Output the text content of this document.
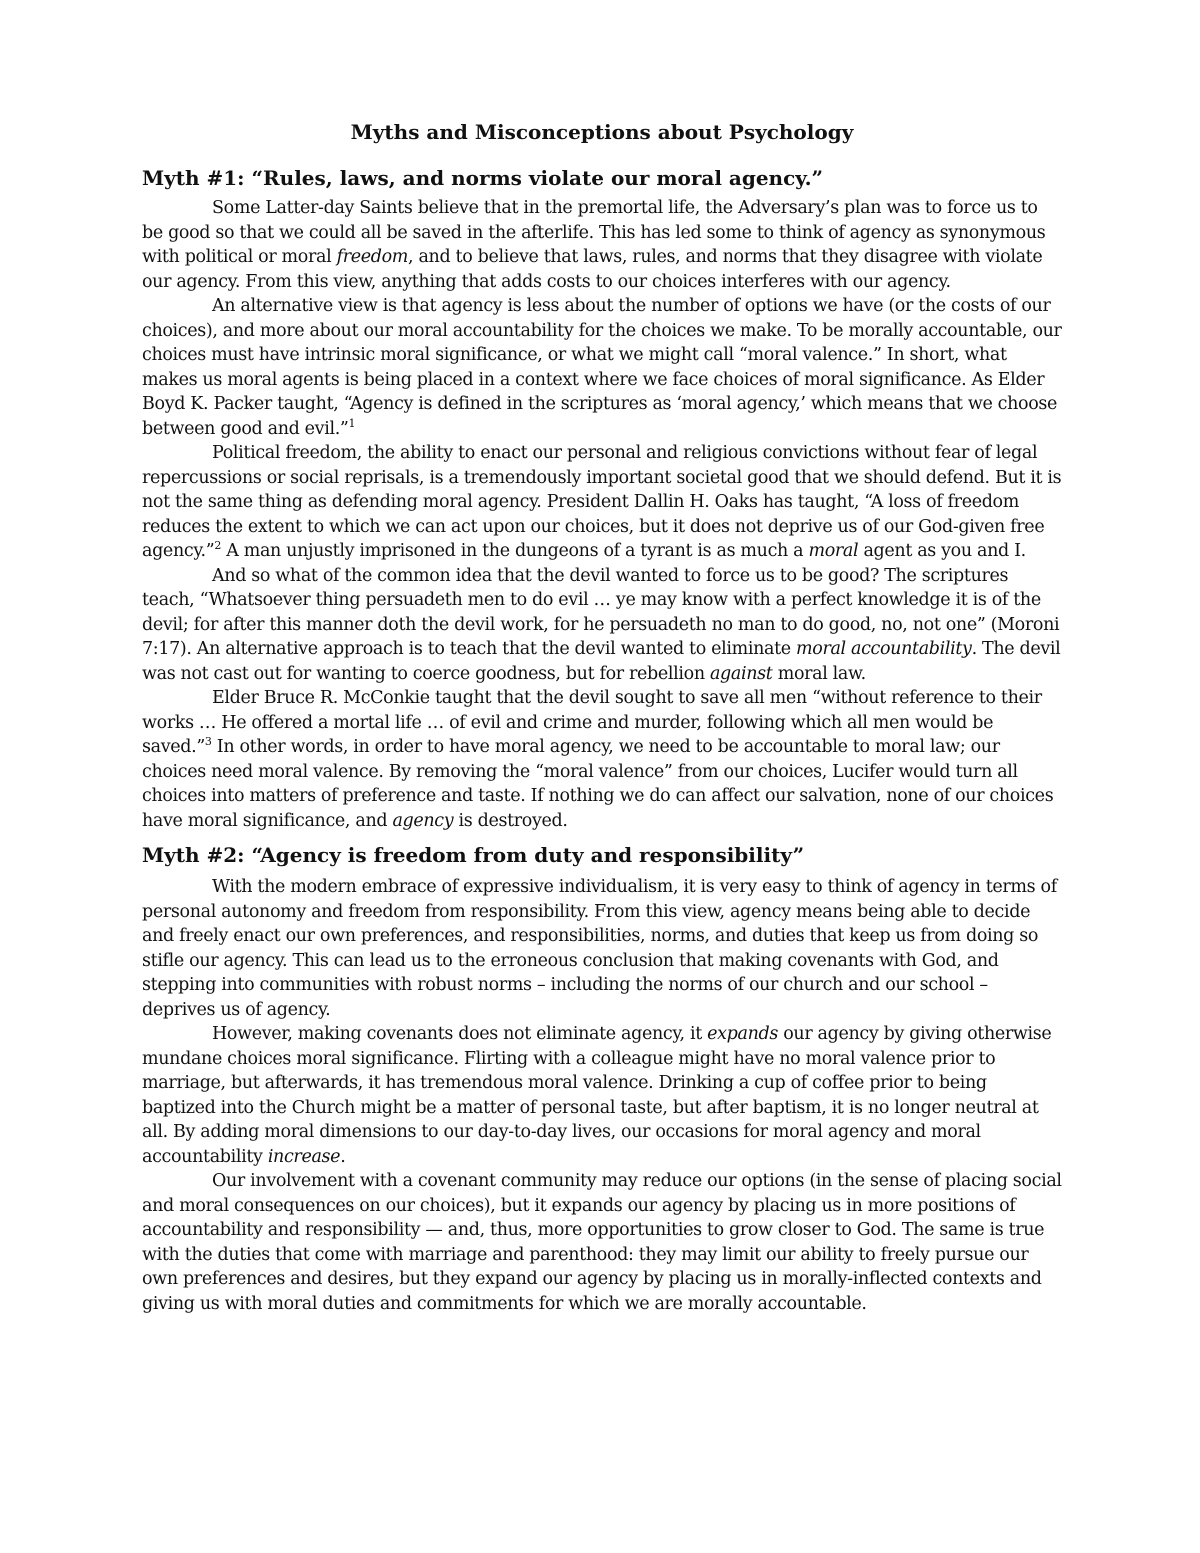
Myths and Misconceptions about Psychology
Myth #1: “Rules, laws, and norms violate our moral agency.”

Some Latter-day Saints believe that in the premortal life, the Adversary’s plan was to force us to be good so that we could all be saved in the afterlife. This has led some to think of agency as synonymous with political or moral freedom, and to believe that laws, rules, and norms that they disagree with violate our agency. From this view, anything that adds costs to our choices interferes with our agency.

An alternative view is that agency is less about the number of options we have (or the costs of our choices), and more about our moral accountability for the choices we make. To be morally accountable, our choices must have intrinsic moral significance, or what we might call “moral valence.” In short, what makes us moral agents is being placed in a context where we face choices of moral significance. As Elder Boyd K. Packer taught, “Agency is defined in the scriptures as ‘moral agency,’ which means that we choose between good and evil.”$^1$

Political freedom, the ability to enact our personal and religious convictions without fear of legal repercussions or social reprisals, is a tremendously important societal good that we should defend. But it is not the same thing as defending moral agency. President Dallin H. Oaks has taught, “A loss of freedom reduces the extent to which we can act upon our choices, but it does not deprive us of our God-given free agency.”$^2$ A man unjustly imprisoned in the dungeons of a tyrant is as much a moral agent as you and I.

And so what of the common idea that the devil wanted to force us to be good? The scriptures teach, “Whatsoever thing persuadeth men to do evil … ye may know with a perfect knowledge it is of the devil; for after this manner doth the devil work, for he persuadeth no man to do good, no, not one” (Moroni 7:17). An alternative approach is to teach that the devil wanted to eliminate moral accountability. The devil was not cast out for wanting to coerce goodness, but for rebellion against moral law.

Elder Bruce R. McConkie taught that the devil sought to save all men “without reference to their works … He offered a mortal life … of evil and crime and murder, following which all men would be saved.”$^3$ In other words, in order to have moral agency, we need to be accountable to moral law; our choices need moral valence. By removing the “moral valence” from our choices, Lucifer would turn all choices into matters of preference and taste. If nothing we do can affect our salvation, none of our choices have moral significance, and agency is destroyed.

Myth #2: “Agency is freedom from duty and responsibility”

With the modern embrace of expressive individualism, it is very easy to think of agency in terms of personal autonomy and freedom from responsibility. From this view, agency means being able to decide and freely enact our own preferences, and responsibilities, norms, and duties that keep us from doing so stifle our agency. This can lead us to the erroneous conclusion that making covenants with God, and stepping into communities with robust norms – including the norms of our church and our school – deprives us of agency.

However, making covenants does not eliminate agency, it expands our agency by giving otherwise mundane choices moral significance. Flirting with a colleague might have no moral valence prior to marriage, but afterwards, it has tremendous moral valence. Drinking a cup of coffee prior to being baptized into the Church might be a matter of personal taste, but after baptism, it is no longer neutral at all. By adding moral dimensions to our day-to-day lives, our occasions for moral agency and moral accountability increase.

Our involvement with a covenant community may reduce our options (in the sense of placing social and moral consequences on our choices), but it expands our agency by placing us in more positions of accountability and responsibility — and, thus, more opportunities to grow closer to God. The same is true with the duties that come with marriage and parenthood: they may limit our ability to freely pursue our own preferences and desires, but they expand our agency by placing us in morally-inflected contexts and giving us with moral duties and commitments for which we are morally accountable.
